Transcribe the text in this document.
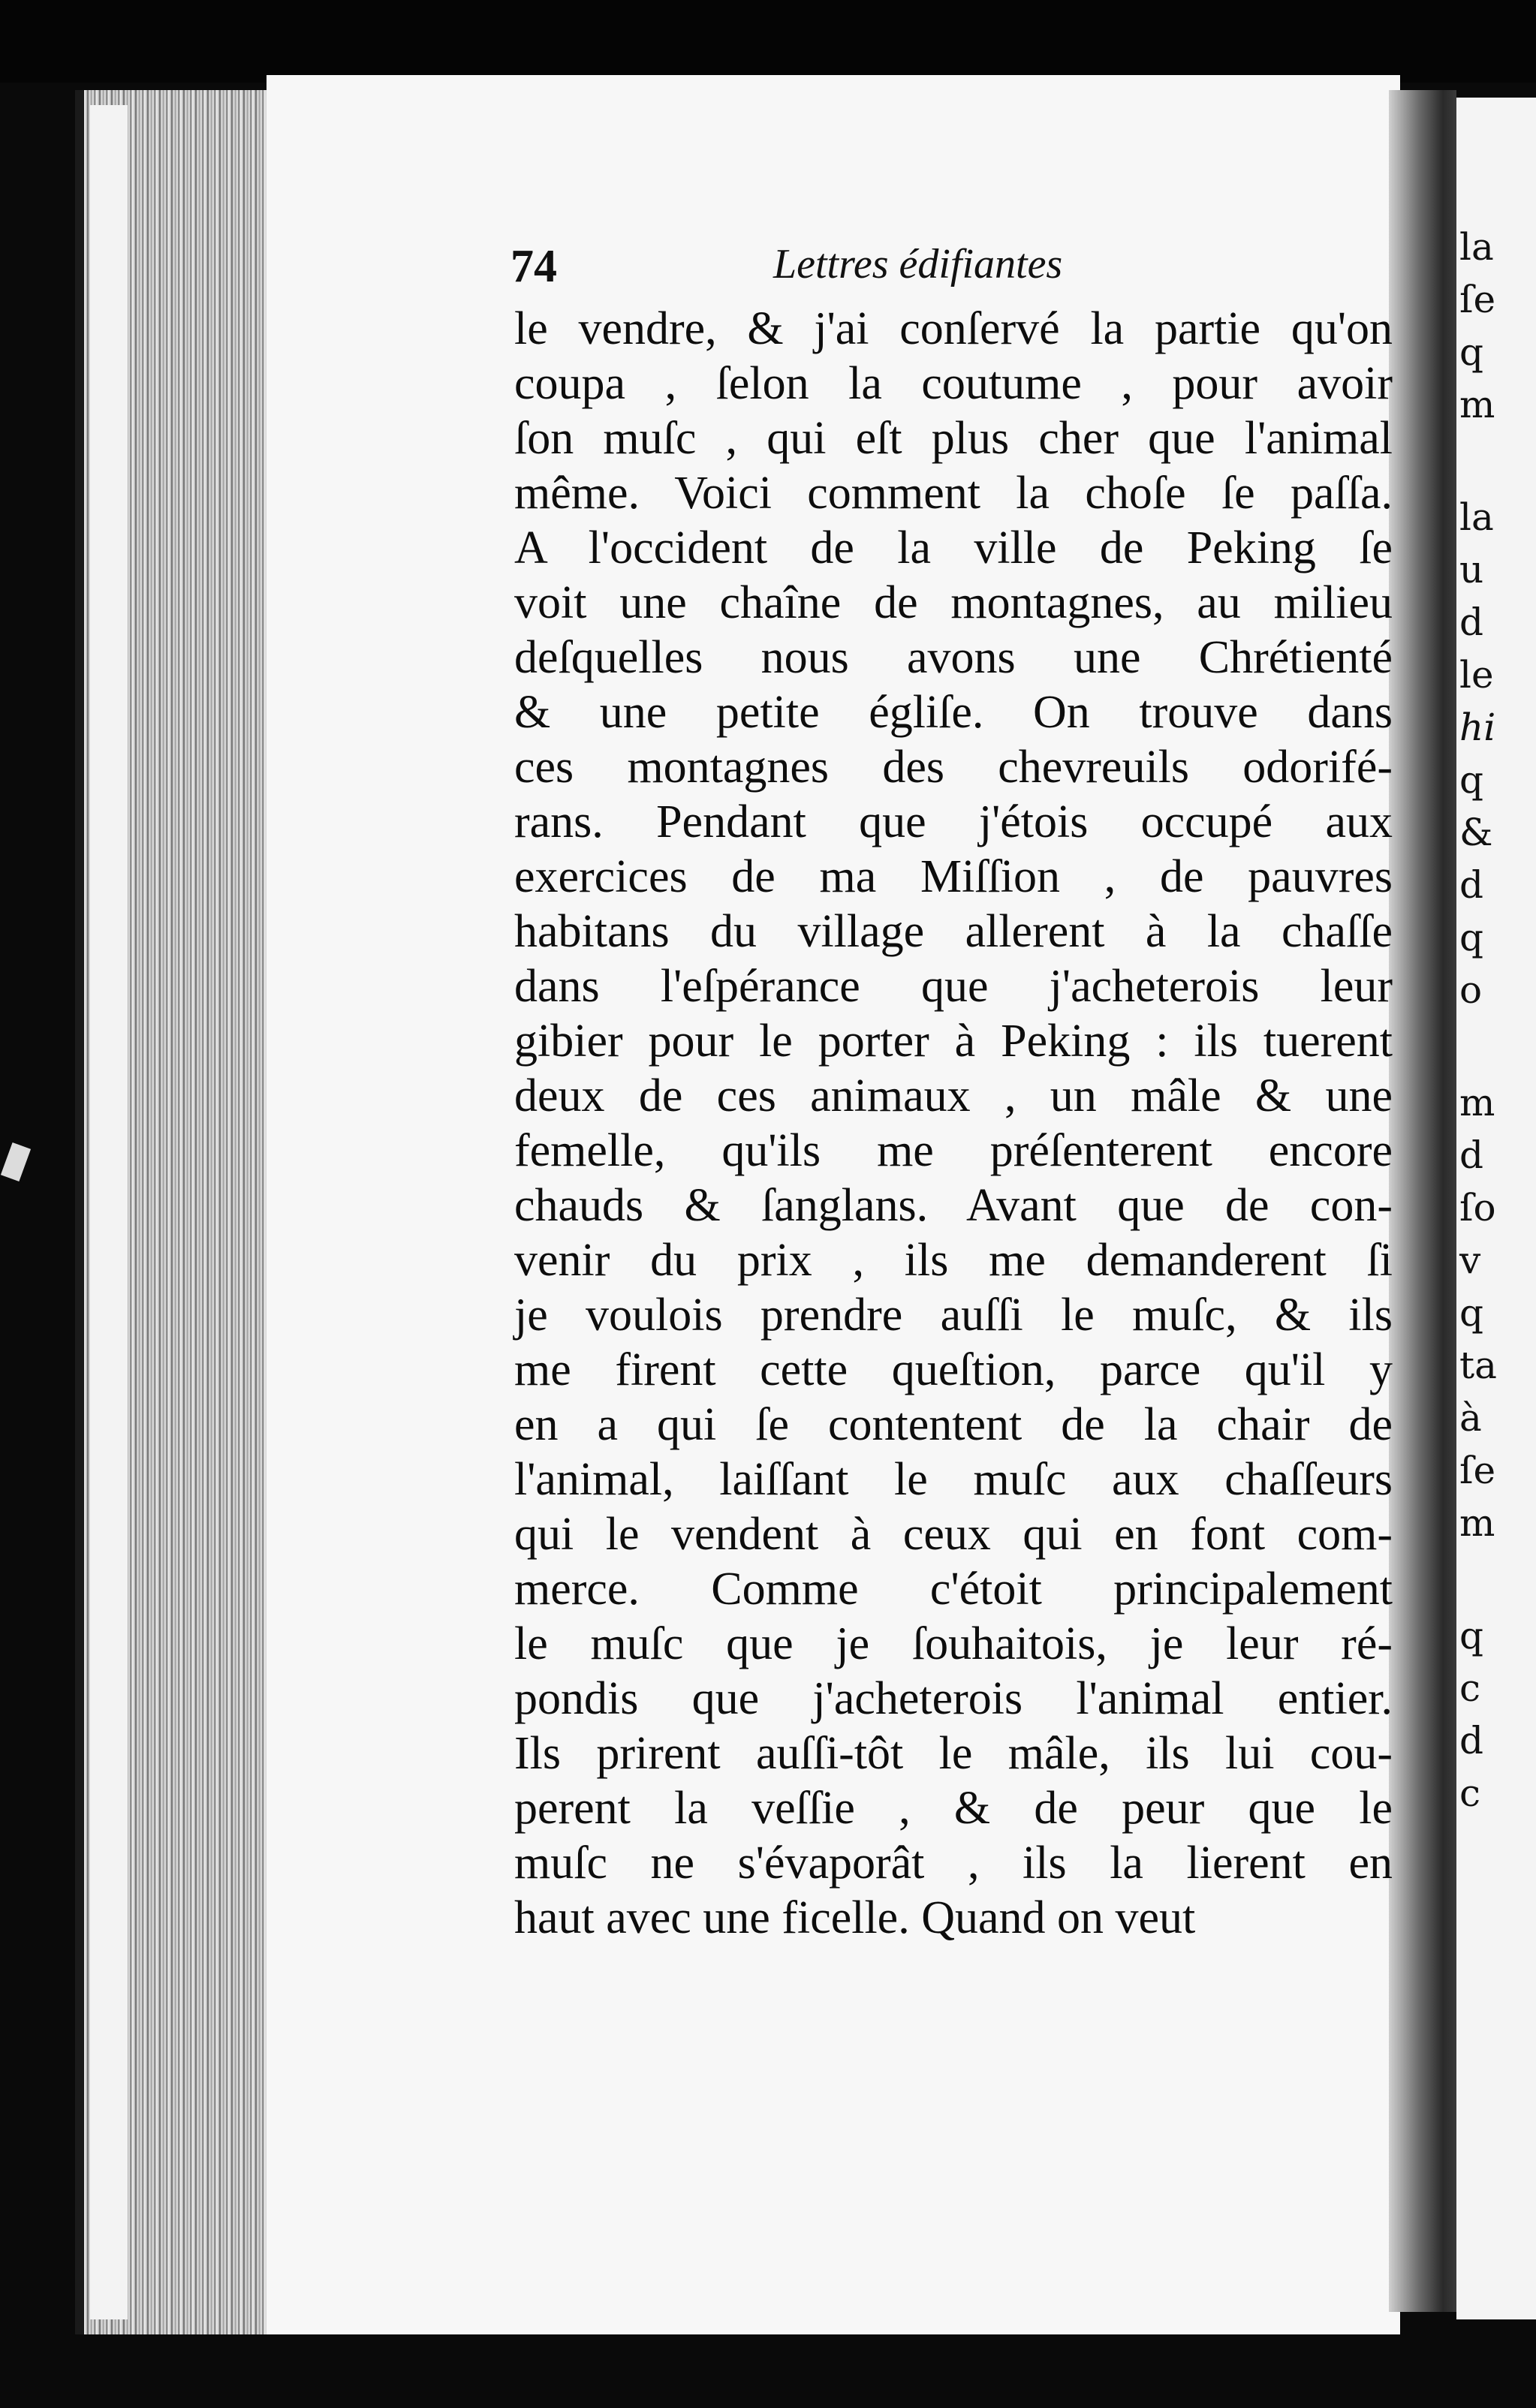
la
ſe
q
m
la
u
d
le
hi
q
&
d
q
o
m
d
ſo
v
q
ta
à
ſe
m
q
c
d
c
74	Lettres édifiantes
le vendre, & j'ai conſervé la partie qu'on
coupa , ſelon la coutume , pour avoir
ſon muſc , qui eſt plus cher que l'animal
même. Voici comment la choſe ſe paſſa.
A l'occident de la ville de Peking ſe
voit une chaîne de montagnes, au milieu
deſquelles nous avons une Chrétienté
& une petite égliſe. On trouve dans
ces montagnes des chevreuils odorifé-
rans. Pendant que j'étois occupé aux
exercices de ma Miſſion , de pauvres
habitans du village allerent à la chaſſe
dans l'eſpérance que j'acheterois leur
gibier pour le porter à Peking : ils tuerent
deux de ces animaux , un mâle & une
femelle, qu'ils me préſenterent encore
chauds & ſanglans. Avant que de con-
venir du prix , ils me demanderent ſi
je voulois prendre auſſi le muſc, & ils
me firent cette queſtion, parce qu'il y
en a qui ſe contentent de la chair de
l'animal, laiſſant le muſc aux chaſſeurs
qui le vendent à ceux qui en font com-
merce. Comme c'étoit principalement
le muſc que je ſouhaitois, je leur ré-
pondis que j'acheterois l'animal entier.
Ils prirent auſſi-tôt le mâle, ils lui cou-
perent la veſſie , & de peur que le
muſc ne s'évaporât , ils la lierent en
haut avec une ficelle. Quand on veut
